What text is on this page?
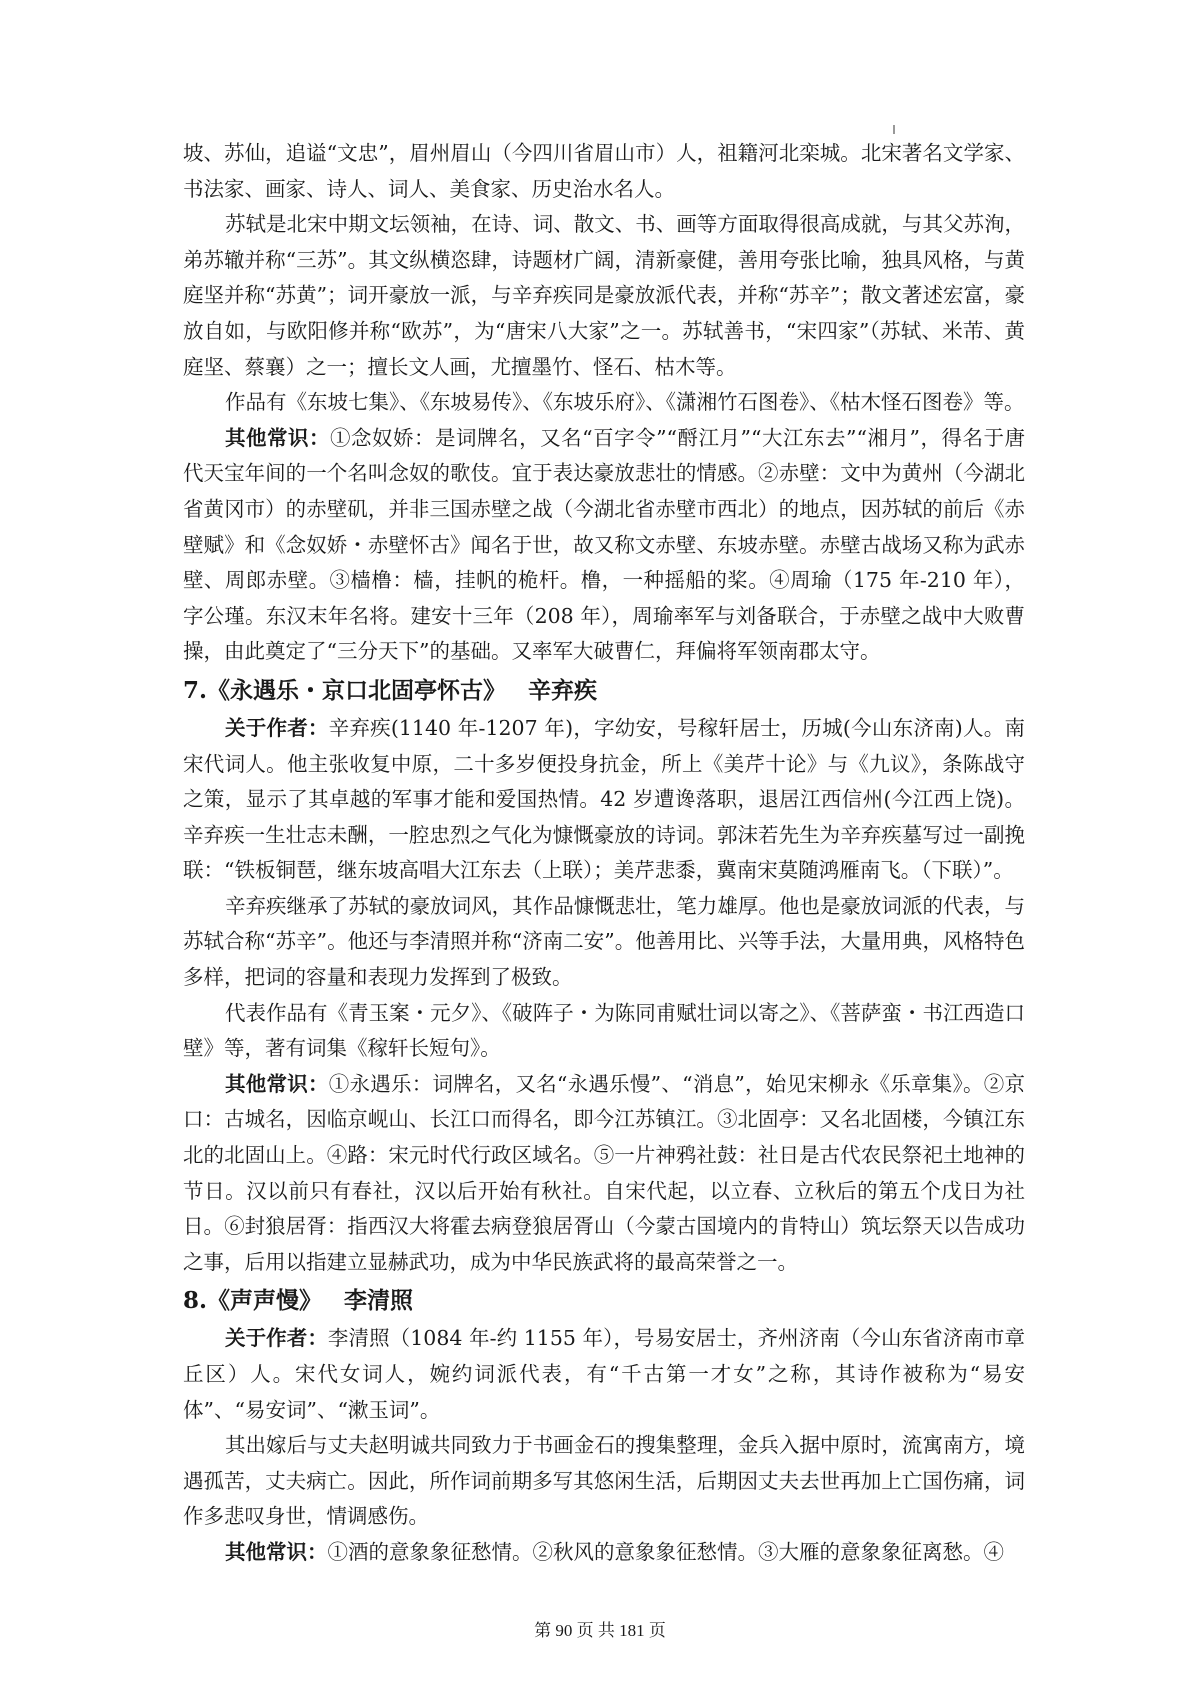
坡、苏仙，追谥“文忠”，眉州眉山（今四川省眉山市）人，祖籍河北栾城。北宋著名文学家、书法家、画家、诗人、词人、美食家、历史治水名人。

苏轼是北宋中期文坛领袖，在诗、词、散文、书、画等方面取得很高成就，与其父苏洵，弟苏辙并称“三苏”。其文纵横恣肆，诗题材广阔，清新豪健，善用夸张比喻，独具风格，与黄庭坚并称“苏黄”；词开豪放一派，与辛弃疾同是豪放派代表，并称“苏辛”；散文著述宏富，豪放自如，与欧阳修并称“欧苏”，为“唐宋八大家”之一。苏轼善书，“宋四家”（苏轼、米芾、黄庭坚、蔡襄）之一；擅长文人画，尤擅墨竹、怪石、枯木等。

作品有《东坡七集》、《东坡易传》、《东坡乐府》、《潇湘竹石图卷》、《枯木怪石图卷》等。

其他常识：①念奴娇：是词牌名，又名“百字令”“酹江月”“大江东去”“湘月”，得名于唐代天宝年间的一个名叫念奴的歌伎。宜于表达豪放悲壮的情感。②赤壁：文中为黄州（今湖北省黄冈市）的赤壁矶，并非三国赤壁之战（今湖北省赤壁市西北）的地点，因苏轼的前后《赤壁赋》和《念奴娇・赤壁怀古》闻名于世，故又称文赤壁、东坡赤壁。赤壁古战场又称为武赤壁、周郎赤壁。③樯橹：樯，挂帆的桅杆。橹，一种摇船的桨。④周瑜（175 年-210 年），字公瑾。东汉末年名将。建安十三年（208 年），周瑜率军与刘备联合，于赤壁之战中大败曹操，由此奠定了“三分天下”的基础。又率军大破曹仁，拜偏将军领南郡太守。

7.《永遇乐・京口北固亭怀古》 辛弃疾

关于作者：辛弃疾(1140 年-1207 年)，字幼安，号稼轩居士，历城(今山东济南)人。南宋代词人。他主张收复中原，二十多岁便投身抗金，所上《美芹十论》与《九议》，条陈战守之策，显示了其卓越的军事才能和爱国热情。42 岁遭谗落职，退居江西信州(今江西上饶)。辛弃疾一生壮志未酬，一腔忠烈之气化为慷慨豪放的诗词。郭沫若先生为辛弃疾墓写过一副挽联：“铁板铜琶，继东坡高唱大江东去（上联）；美芹悲黍，冀南宋莫随鸿雁南飞。（下联）”。

辛弃疾继承了苏轼的豪放词风，其作品慷慨悲壮，笔力雄厚。他也是豪放词派的代表，与苏轼合称“苏辛”。他还与李清照并称“济南二安”。他善用比、兴等手法，大量用典，风格特色多样，把词的容量和表现力发挥到了极致。

代表作品有《青玉案・元夕》、《破阵子・为陈同甫赋壮词以寄之》、《菩萨蛮・书江西造口壁》等，著有词集《稼轩长短句》。

其他常识：①永遇乐：词牌名，又名“永遇乐慢”、“消息”，始见宋柳永《乐章集》。②京口：古城名，因临京岘山、长江口而得名，即今江苏镇江。③北固亭：又名北固楼，今镇江东北的北固山上。④路：宋元时代行政区域名。⑤一片神鸦社鼓：社日是古代农民祭祀土地神的节日。汉以前只有春社，汉以后开始有秋社。自宋代起，以立春、立秋后的第五个戊日为社日。⑥封狼居胥：指西汉大将霍去病登狼居胥山（今蒙古国境内的肯特山）筑坛祭天以告成功之事，后用以指建立显赫武功，成为中华民族武将的最高荣誉之一。

8.《声声慢》 李清照

关于作者：李清照（1084 年-约 1155 年），号易安居士，齐州济南（今山东省济南市章丘区）人。宋代女词人，婉约词派代表，有“千古第一才女”之称，其诗作被称为“易安体”、“易安词”、“漱玉词”。

其出嫁后与丈夫赵明诚共同致力于书画金石的搜集整理，金兵入据中原时，流寓南方，境遇孤苦，丈夫病亡。因此，所作词前期多写其悠闲生活，后期因丈夫去世再加上亡国伤痛，词作多悲叹身世，情调感伤。

其他常识：①酒的意象象征愁情。②秋风的意象象征愁情。③大雁的意象象征离愁。④

第 90 页 共 181 页
